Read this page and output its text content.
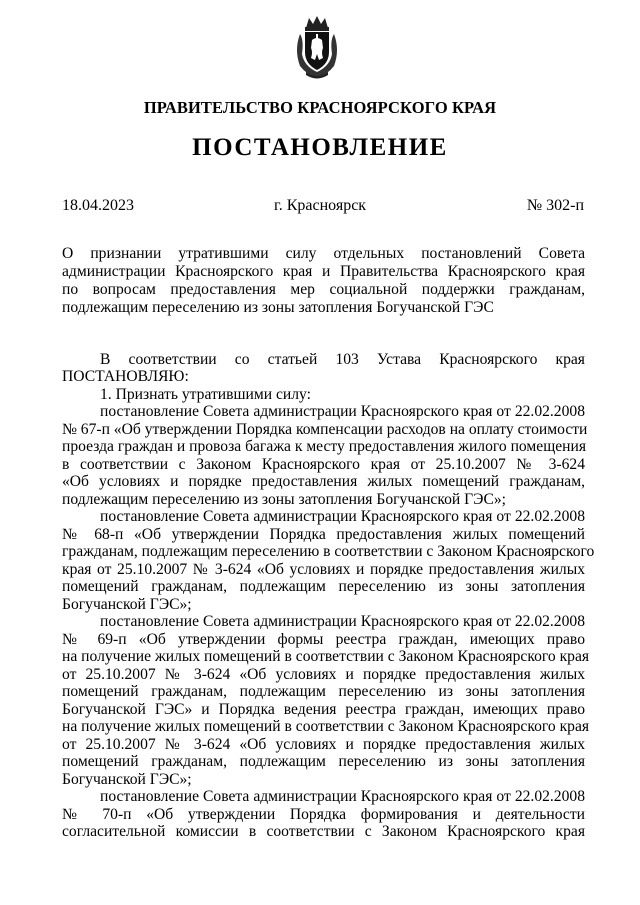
ПРАВИТЕЛЬСТВО КРАСНОЯРСКОГО КРАЯ
ПОСТАНОВЛЕНИЕ
18.04.2023	г. Красноярск	№ 302-п
О признании утратившими силу отдельных постановлений Совета
администрации Красноярского края и Правительства Красноярского края
по вопросам предоставления мер социальной поддержки гражданам,
подлежащим переселению из зоны затопления Богучанской ГЭС
В соответствии со статьей 103 Устава Красноярского края
ПОСТАНОВЛЯЮ:
1. Признать утратившими силу:
постановление Совета администрации Красноярского края от 22.02.2008
№ 67-п «Об утверждении Порядка компенсации расходов на оплату стоимости
проезда граждан и провоза багажа к месту предоставления жилого помещения
в соответствии с Законом Красноярского края от 25.10.2007 № 3-624
«Об условиях и порядке предоставления жилых помещений гражданам,
подлежащим переселению из зоны затопления Богучанской ГЭС»;
постановление Совета администрации Красноярского края от 22.02.2008
№ 68-п «Об утверждении Порядка предоставления жилых помещений
гражданам, подлежащим переселению в соответствии с Законом Красноярского
края от 25.10.2007 № 3-624 «Об условиях и порядке предоставления жилых
помещений гражданам, подлежащим переселению из зоны затопления
Богучанской ГЭС»;
постановление Совета администрации Красноярского края от 22.02.2008
№ 69-п «Об утверждении формы реестра граждан, имеющих право
на получение жилых помещений в соответствии с Законом Красноярского края
от 25.10.2007 № 3-624 «Об условиях и порядке предоставления жилых
помещений гражданам, подлежащим переселению из зоны затопления
Богучанской ГЭС» и Порядка ведения реестра граждан, имеющих право
на получение жилых помещений в соответствии с Законом Красноярского края
от 25.10.2007 № 3-624 «Об условиях и порядке предоставления жилых
помещений гражданам, подлежащим переселению из зоны затопления
Богучанской ГЭС»;
постановление Совета администрации Красноярского края от 22.02.2008
№ 70-п «Об утверждении Порядка формирования и деятельности
согласительной комиссии в соответствии с Законом Красноярского края
